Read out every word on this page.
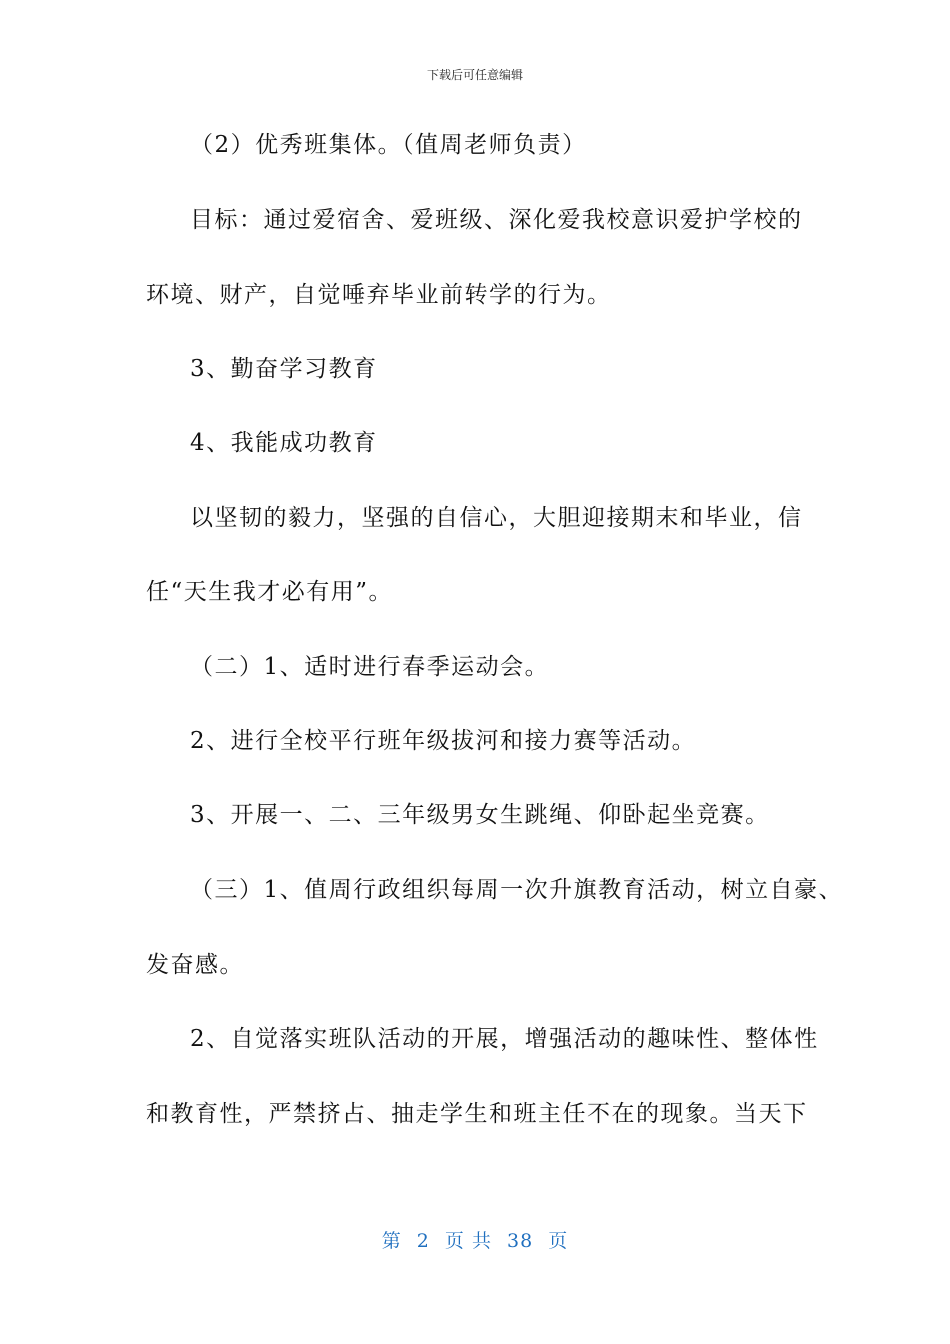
下载后可任意编辑
（2）优秀班集体。（值周老师负责）
目标：通过爱宿舍、爱班级、深化爱我校意识爱护学校的
环境、财产，自觉唾弃毕业前转学的行为。
3、勤奋学习教育
4、我能成功教育
以坚韧的毅力，坚强的自信心，大胆迎接期末和毕业，信
任“天生我才必有用”。
（二）1、适时进行春季运动会。
2、进行全校平行班年级拔河和接力赛等活动。
3、开展一、二、三年级男女生跳绳、仰卧起坐竞赛。
（三）1、值周行政组织每周一次升旗教育活动，树立自豪、
发奋感。
2、自觉落实班队活动的开展，增强活动的趣味性、整体性
和教育性，严禁挤占、抽走学生和班主任不在的现象。当天下
第 2 页 共 38 页
